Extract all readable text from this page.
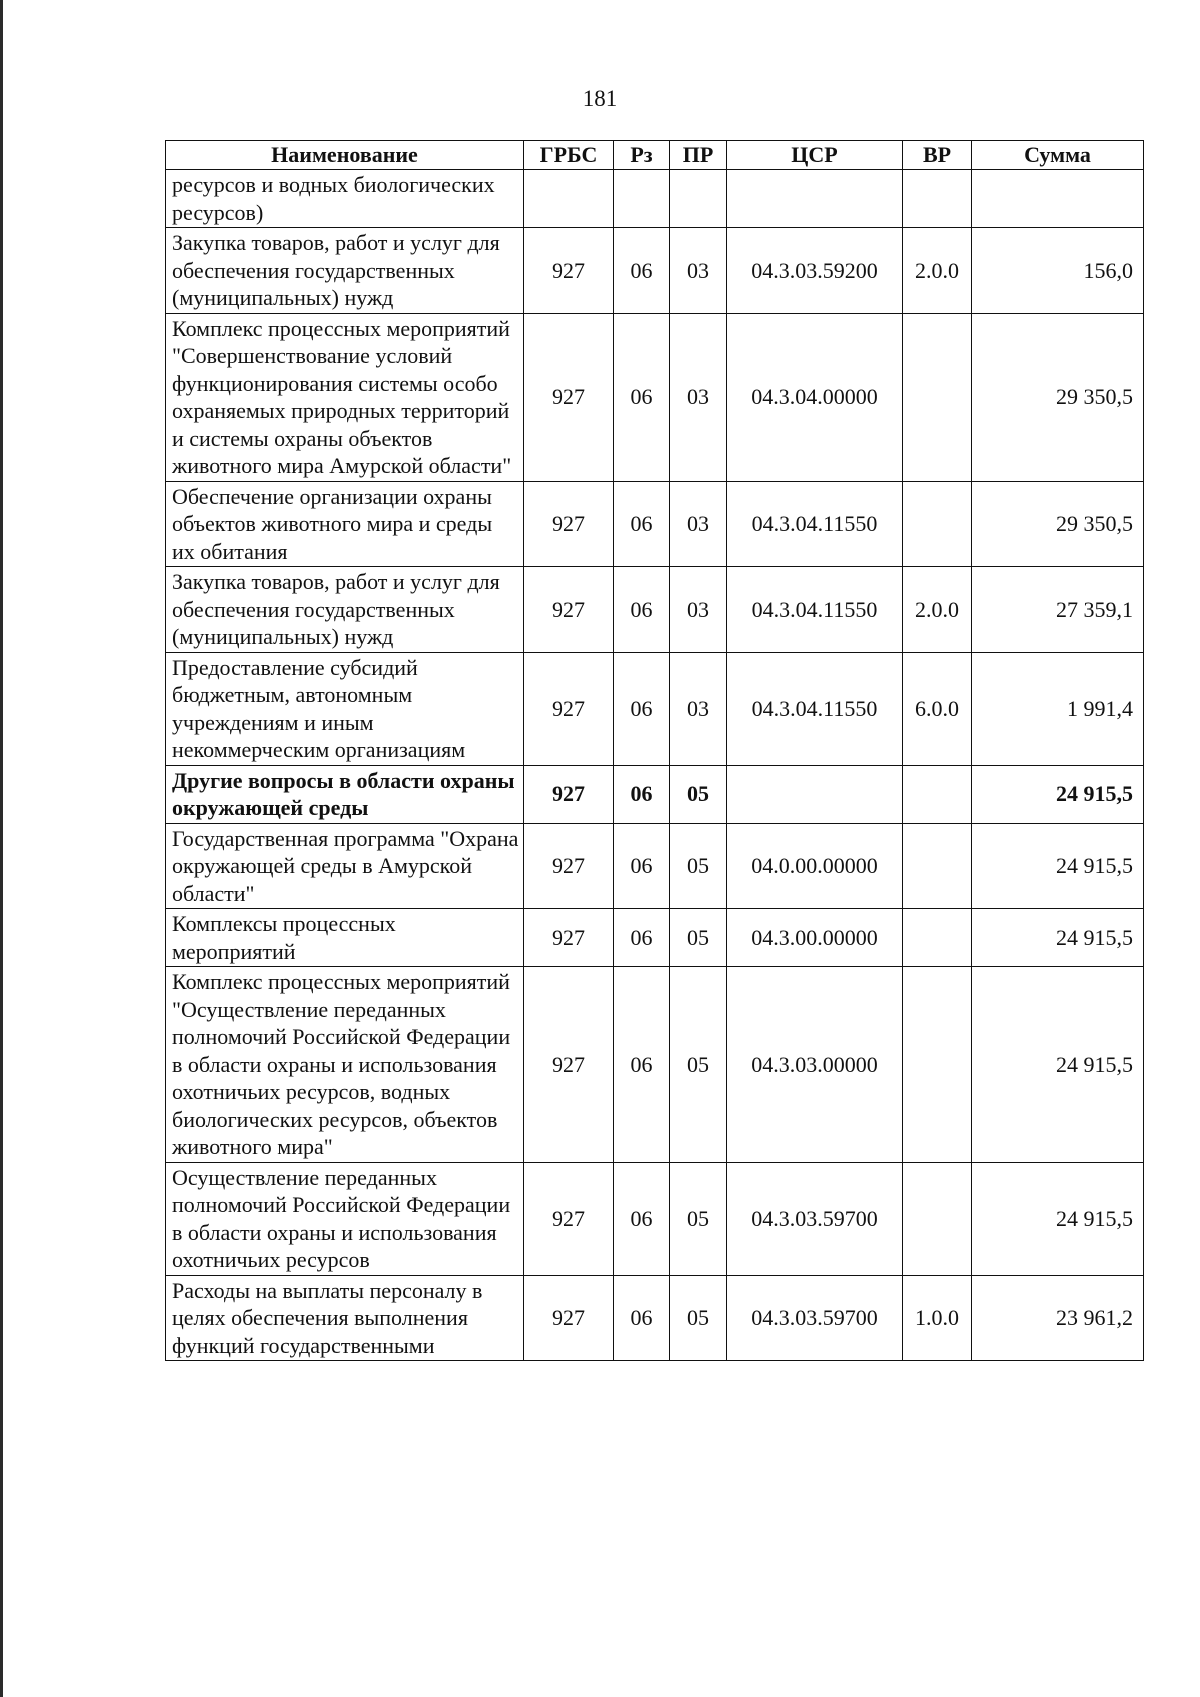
181
Наименование	ГРБС	Рз	ПР	ЦСР	ВР	Сумма
ресурсов и водных биологических ресурсов)						
Закупка товаров, работ и услуг для обеспечения государственных (муниципальных) нужд	927	06	03	04.3.03.59200	2.0.0	156,0
Комплекс процессных мероприятий "Совершенствование условий функционирования системы особо охраняемых природных территорий и системы охраны объектов животного мира Амурской области"	927	06	03	04.3.04.00000		29 350,5
Обеспечение организации охраны объектов животного мира и среды их обитания	927	06	03	04.3.04.11550		29 350,5
Закупка товаров, работ и услуг для обеспечения государственных (муниципальных) нужд	927	06	03	04.3.04.11550	2.0.0	27 359,1
Предоставление субсидий бюджетным, автономным учреждениям и иным некоммерческим организациям	927	06	03	04.3.04.11550	6.0.0	1 991,4
Другие вопросы в области охраны окружающей среды	927	06	05			24 915,5
Государственная программа "Охрана окружающей среды в Амурской области"	927	06	05	04.0.00.00000		24 915,5
Комплексы процессных мероприятий	927	06	05	04.3.00.00000		24 915,5
Комплекс процессных мероприятий "Осуществление переданных полномочий Российской Федерации в области охраны и использования охотничьих ресурсов, водных биологических ресурсов, объектов животного мира"	927	06	05	04.3.03.00000		24 915,5
Осуществление переданных полномочий Российской Федерации в области охраны и использования охотничьих ресурсов	927	06	05	04.3.03.59700		24 915,5
Расходы на выплаты персоналу в целях обеспечения выполнения функций государственными	927	06	05	04.3.03.59700	1.0.0	23 961,2
